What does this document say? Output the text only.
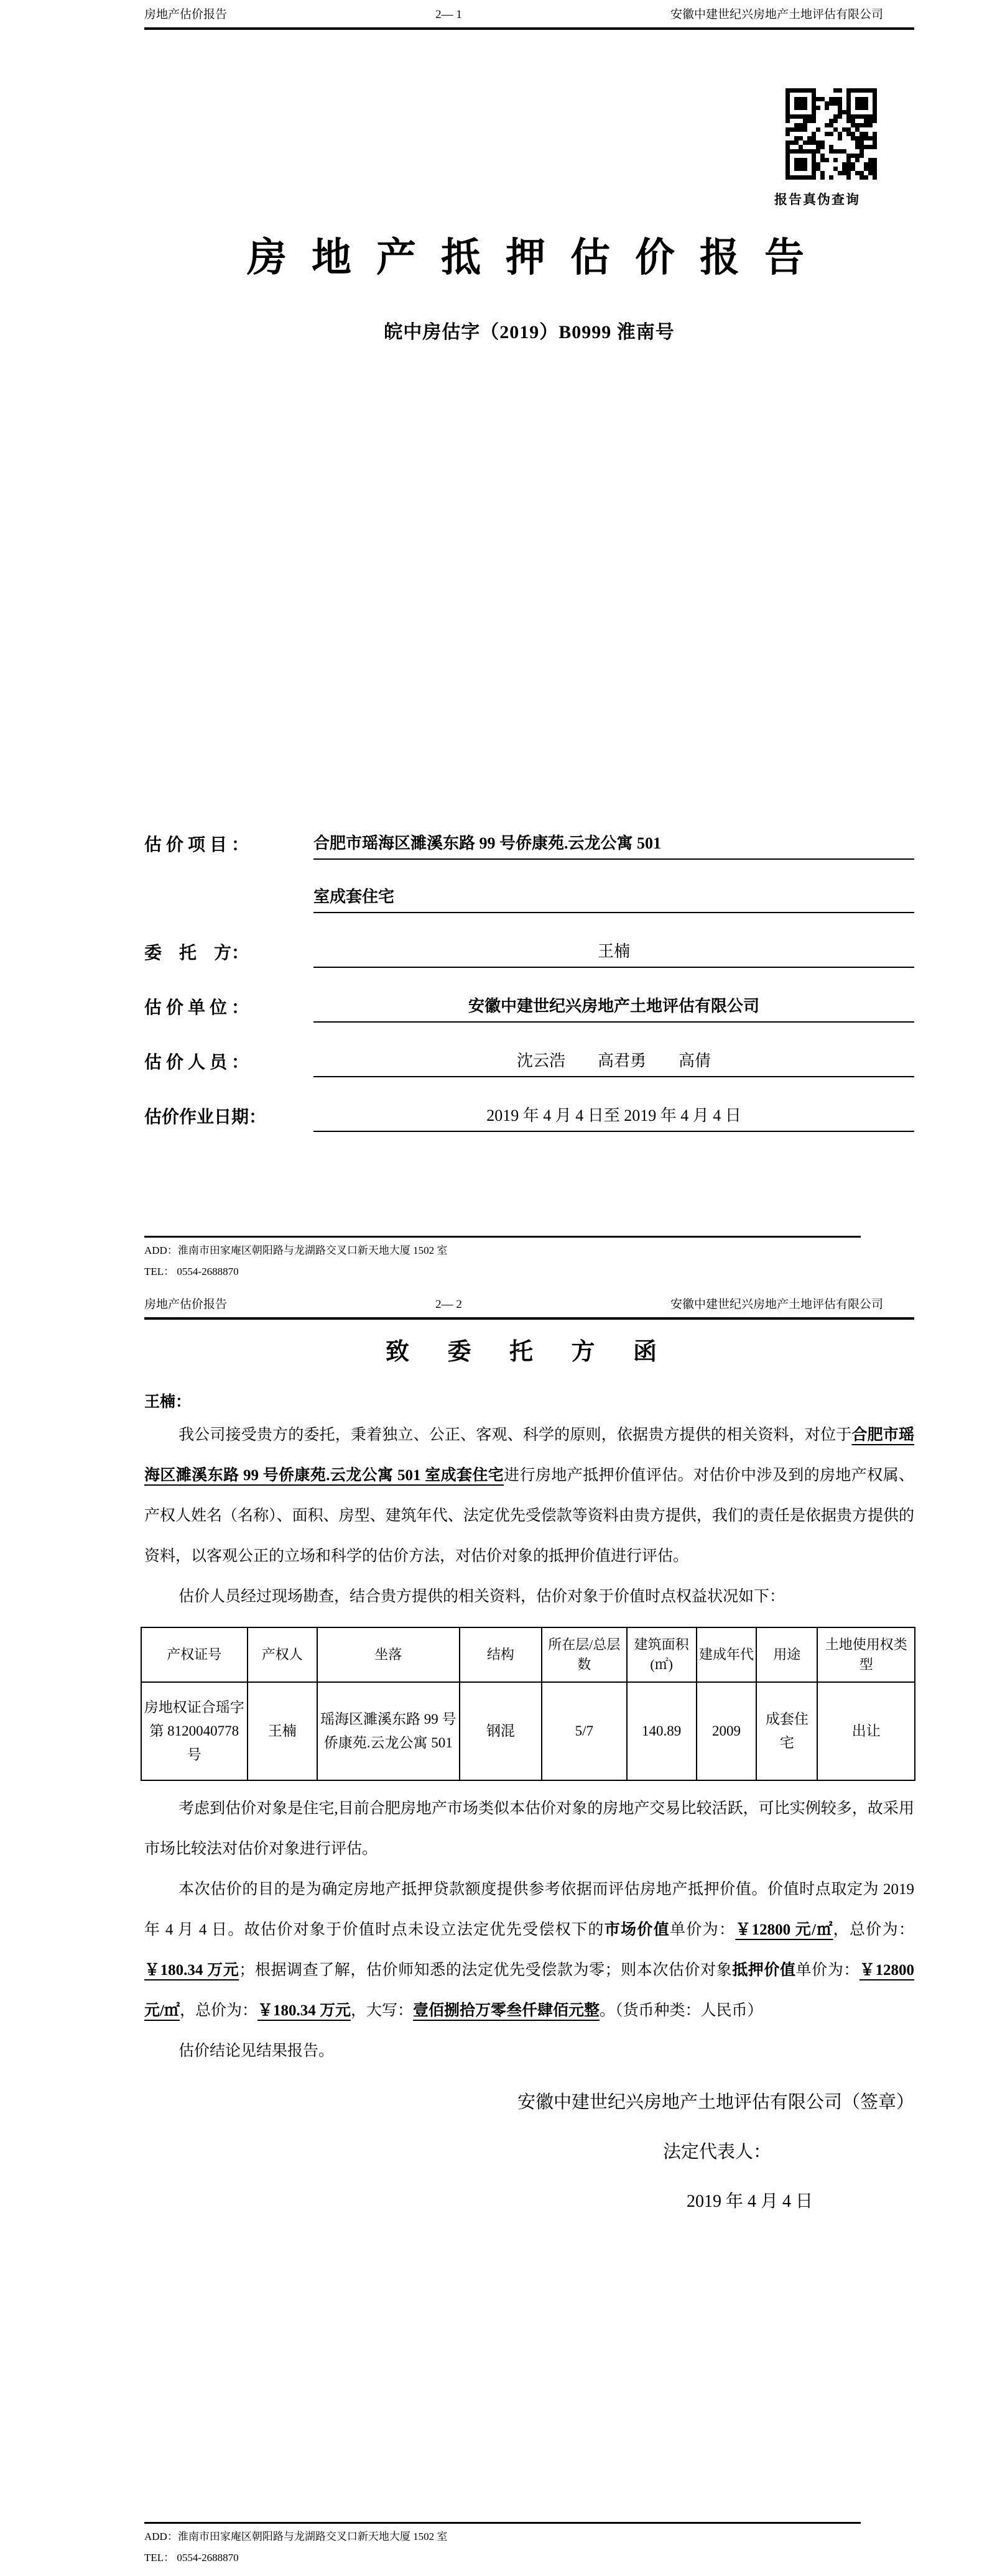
房地产估价报告	2— 1	安徽中建世纪兴房地产土地评估有限公司
报告真伪查询
房 地 产 抵 押 估 价 报 告
皖中房估字（2019）B0999 淮南号
估 价 项 目 ：	合肥市瑶海区濉溪东路 99 号侨康苑.云龙公寓 501
室成套住宅
委　托　方：	王楠
估 价 单 位 ：	安徽中建世纪兴房地产土地评估有限公司
估 价 人 员 ：	沈云浩　　高君勇　　高倩
估价作业日期：	2019 年 4 月 4 日至 2019 年 4 月 4 日
ADD：淮南市田家庵区朝阳路与龙湖路交叉口新天地大厦 1502 室
TEL： 0554-2688870
房地产估价报告	2— 2	安徽中建世纪兴房地产土地评估有限公司
致 委 托 方 函
王楠：

我公司接受贵方的委托，秉着独立、公正、客观、科学的原则，依据贵方提供的相关资料，对位于合肥市瑶海区濉溪东路 99 号侨康苑.云龙公寓 501 室成套住宅进行房地产抵押价值评估。对估价中涉及到的房地产权属、产权人姓名（名称）、面积、房型、建筑年代、法定优先受偿款等资料由贵方提供，我们的责任是依据贵方提供的资料，以客观公正的立场和科学的估价方法，对估价对象的抵押价值进行评估。

估价人员经过现场勘查，结合贵方提供的相关资料，估价对象于价值时点权益状况如下：

产权证号	产权人	坐落	结构	所在层/总层数	建筑面积(㎡)	建成年代	用途	土地使用权类型
房地权证合瑶字第 8120040778 号	王楠	瑶海区濉溪东路 99 号侨康苑.云龙公寓 501	钢混	5/7	140.89	2009	成套住宅	出让

考虑到估价对象是住宅,目前合肥房地产市场类似本估价对象的房地产交易比较活跃，可比实例较多，故采用市场比较法对估价对象进行评估。

本次估价的目的是为确定房地产抵押贷款额度提供参考依据而评估房地产抵押价值。价值时点取定为 2019 年 4 月 4 日。故估价对象于价值时点未设立法定优先受偿权下的市场价值单价为：￥12800 元/㎡，总价为：￥180.34 万元；根据调查了解，估价师知悉的法定优先受偿款为零；则本次估价对象抵押价值单价为：￥12800 元/㎡，总价为：￥180.34 万元，大写：壹佰捌拾万零叁仟肆佰元整。（货币种类：人民币）

估价结论见结果报告。

安徽中建世纪兴房地产土地评估有限公司（签章）
法定代表人：
2019 年 4 月 4 日
ADD：淮南市田家庵区朝阳路与龙湖路交叉口新天地大厦 1502 室
TEL： 0554-2688870
